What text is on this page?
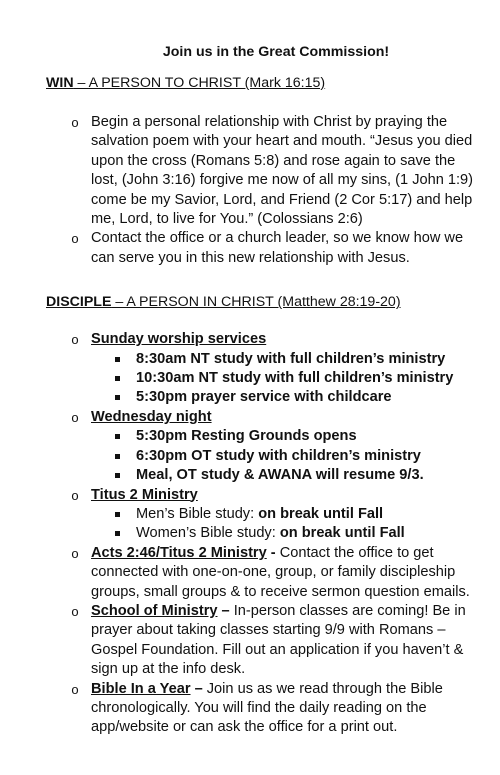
Join us in the Great Commission!
WIN – A PERSON TO CHRIST (Mark 16:15)
o Begin a personal relationship with Christ by praying the salvation poem with your heart and mouth. “Jesus you died upon the cross (Romans 5:8) and rose again to save the lost, (John 3:16) forgive me now of all my sins, (1 John 1:9) come be my Savior, Lord, and Friend (2 Cor 5:17) and help me, Lord, to live for You.” (Colossians 2:6)
o Contact the office or a church leader, so we know how we can serve you in this new relationship with Jesus.
DISCIPLE – A PERSON IN CHRIST (Matthew 28:19-20)
o Sunday worship services
8:30am NT study with full children’s ministry
10:30am NT study with full children’s ministry
5:30pm prayer service with childcare
o Wednesday night
5:30pm Resting Grounds opens
6:30pm OT study with children’s ministry
Meal, OT study & AWANA will resume 9/3.
o Titus 2 Ministry
Men’s Bible study: on break until Fall
Women’s Bible study: on break until Fall
o Acts 2:46/Titus 2 Ministry - Contact the office to get connected with one-on-one, group, or family discipleship groups, small groups & to receive sermon question emails.
o School of Ministry – In-person classes are coming! Be in prayer about taking classes starting 9/9 with Romans – Gospel Foundation. Fill out an application if you haven’t & sign up at the info desk.
o Bible In a Year – Join us as we read through the Bible chronologically. You will find the daily reading on the app/website or can ask the office for a print out.
